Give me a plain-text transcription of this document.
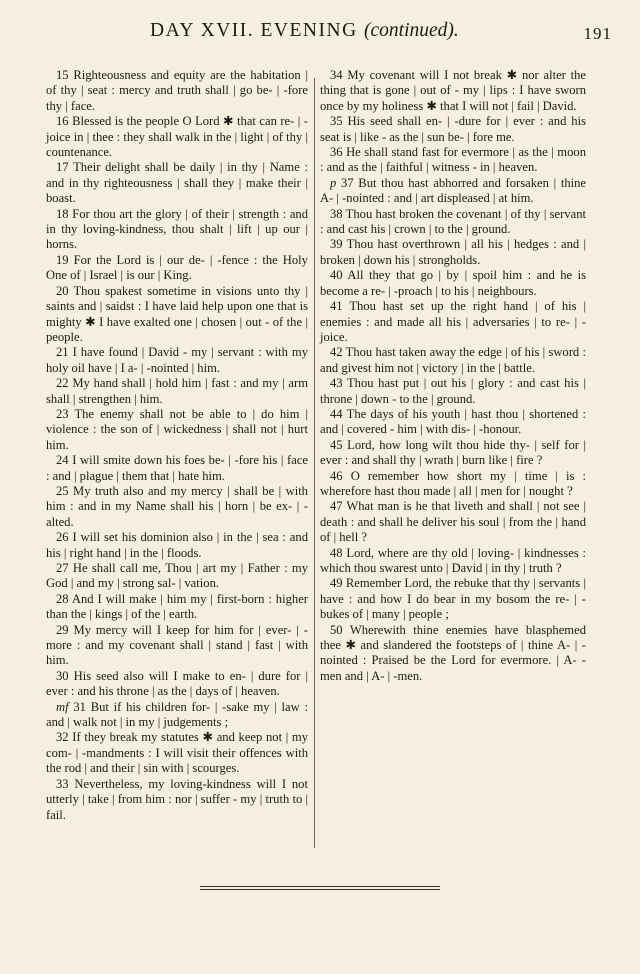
DAY XVII. EVENING (continued).	191

15 Righteousness and equity are the habitation | of thy | seat : mercy and truth shall | go be- | -fore thy | face.

16 Blessed is the people O Lord ✱ that can re- | -joice in | thee : they shall walk in the | light | of thy | countenance.

17 Their delight shall be daily | in thy | Name : and in thy righteousness | shall they | make their | boast.

18 For thou art the glory | of their | strength : and in thy loving-kindness, thou shalt | lift | up our | horns.

19 For the Lord is | our de- | -fence : the Holy One of | Israel | is our | King.

20 Thou spakest sometime in visions unto thy | saints and | saidst : I have laid help upon one that is mighty ✱ I have exalted one | chosen | out - of the | people.

21 I have found | David - my | servant : with my holy oil have | I a- | -nointed | him.

22 My hand shall | hold him | fast : and my | arm shall | strengthen | him.

23 The enemy shall not be able to | do him | violence : the son of | wickedness | shall not | hurt him.

24 I will smite down his foes be- | -fore his | face : and | plague | them that | hate him.

25 My truth also and my mercy | shall be | with him : and in my Name shall his | horn | be ex- | -alted.

26 I will set his dominion also | in the | sea : and his | right hand | in the | floods.

27 He shall call me, Thou | art my | Father : my God | and my | strong sal- | vation.

28 And I will make | him my | first-born : higher than the | kings | of the | earth.

29 My mercy will I keep for him for | ever- | -more : and my covenant shall | stand | fast | with him.

30 His seed also will I make to en- | dure for | ever : and his throne | as the | days of | heaven.

mf 31 But if his children for- | -sake my | law : and | walk not | in my | judgements ;

32 If they break my statutes ✱ and keep not | my com- | -mandments : I will visit their offences with the rod | and their | sin with | scourges.

33 Nevertheless, my loving-kindness will I not utterly | take | from him : nor | suffer - my | truth to | fail.

34 My covenant will I not break ✱ nor alter the thing that is gone | out of - my | lips : I have sworn once by my holiness ✱ that I will not | fail | David.

35 His seed shall en- | -dure for | ever : and his seat is | like - as the | sun be- | fore me.

36 He shall stand fast for evermore | as the | moon : and as the | faithful | witness - in | heaven.

p 37 But thou hast abhorred and forsaken | thine A- | -nointed : and | art displeased | at him.

38 Thou hast broken the covenant | of thy | servant : and cast his | crown | to the | ground.

39 Thou hast overthrown | all his | hedges : and | broken | down his | strongholds.

40 All they that go | by | spoil him : and he is become a re- | -proach | to his | neighbours.

41 Thou hast set up the right hand | of his | enemies : and made all his | adversaries | to re- | -joice.

42 Thou hast taken away the edge | of his | sword : and givest him not | victory | in the | battle.

43 Thou hast put | out his | glory : and cast his | throne | down - to the | ground.

44 The days of his youth | hast thou | shortened : and | covered - him | with dis- | -honour.

45 Lord, how long wilt thou hide thy- | self for | ever : and shall thy | wrath | burn like | fire ?

46 O remember how short my | time | is : wherefore hast thou made | all | men for | nought ?

47 What man is he that liveth and shall | not see | death : and shall he deliver his soul | from the | hand of | hell ?

48 Lord, where are thy old | loving- | kindnesses : which thou swarest unto | David | in thy | truth ?

49 Remember Lord, the rebuke that thy | servants | have : and how I do bear in my bosom the re- | -bukes of | many | people ;

50 Wherewith thine enemies have blasphemed thee ✱ and slandered the footsteps of | thine A- | -nointed : Praised be the Lord for evermore. | A- -men and | A- | -men.
